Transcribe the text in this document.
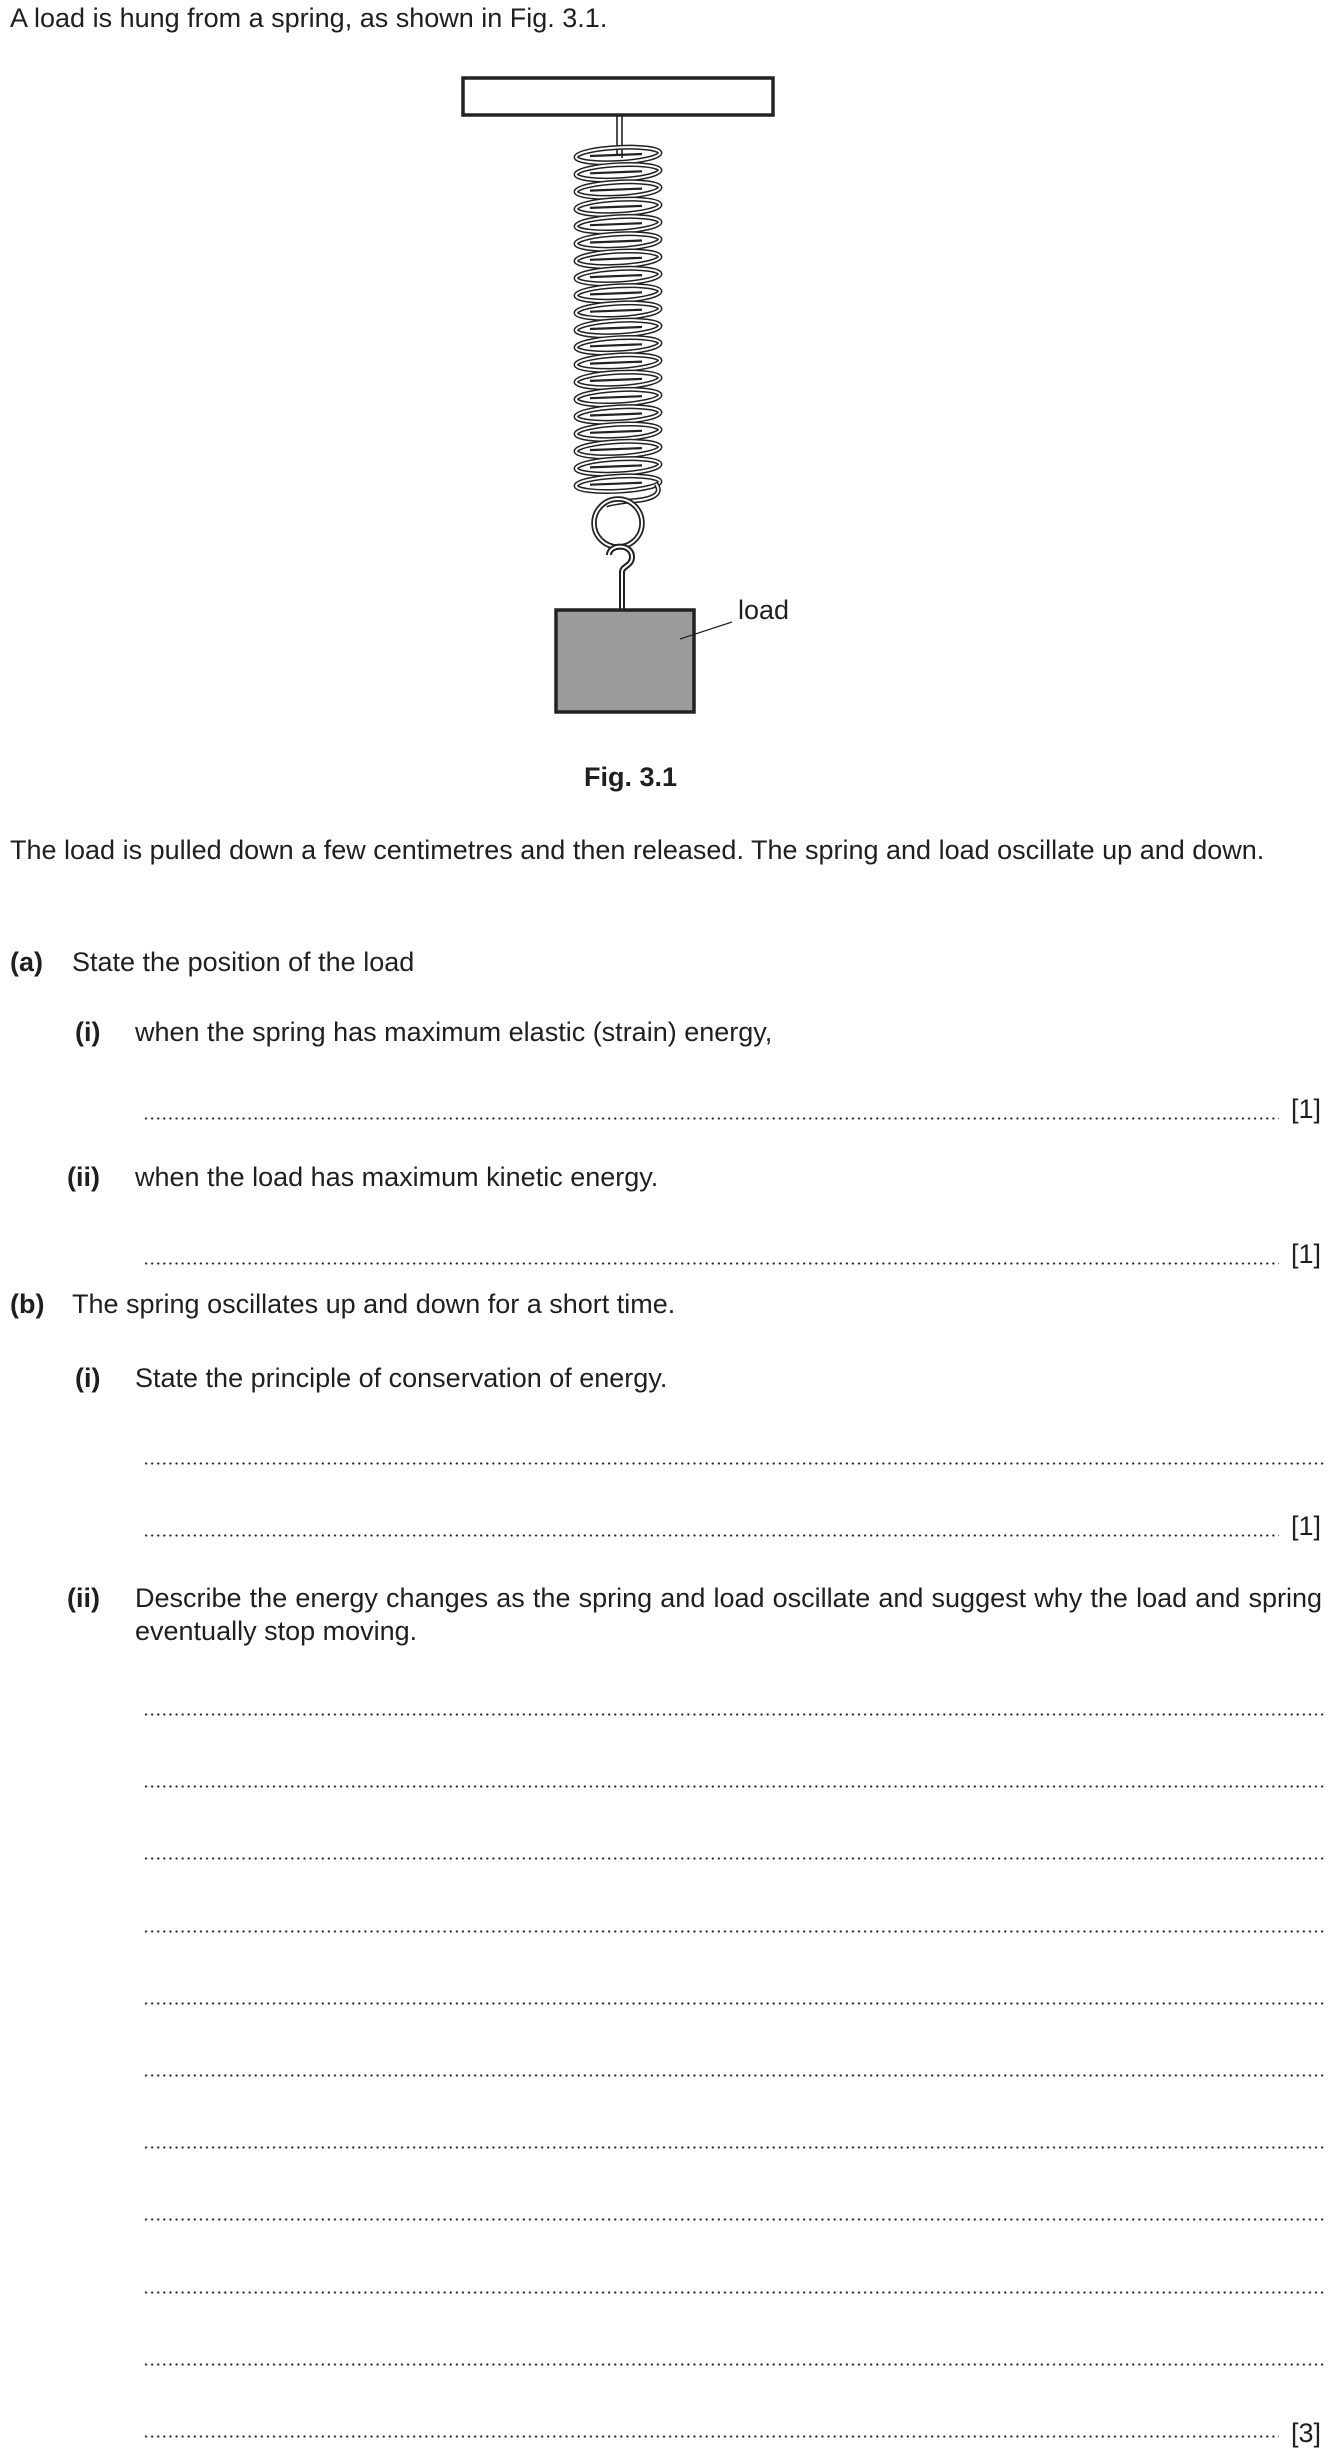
A load is hung from a spring, as shown in Fig. 3.1.
load
Fig. 3.1
The load is pulled down a few centimetres and then released. The spring and load oscillate up and down.
(a) State the position of the load
(i) when the spring has maximum elastic (strain) energy,
[1]
(ii) when the load has maximum kinetic energy.
[1]
(b) The spring oscillates up and down for a short time.
(i) State the principle of conservation of energy.
[1]
(ii) Describe the energy changes as the spring and load oscillate and suggest why the load and spring eventually stop moving.
[3]
